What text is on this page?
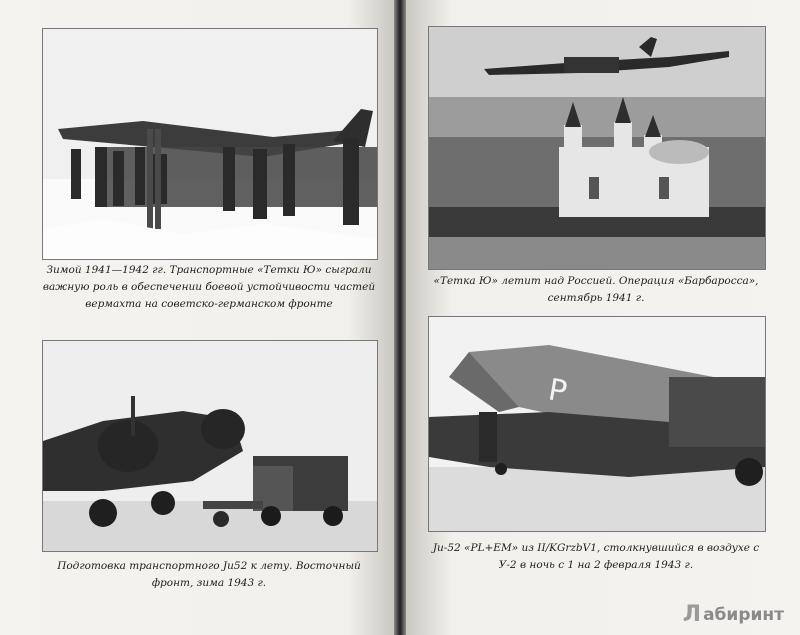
Зимой 1941—1942 гг. Транспортные «Тетки Ю» сыграли важную роль в обеспечении боевой устойчивости частей вермахта на советско-германском фронте
«Тетка Ю» летит над Россией. Операция «Барбаросса», сентябрь 1941 г.
Подготовка транспортного Ju52 к лету. Восточный фронт, зима 1943 г.
P
Ju-52 «PL+EM» из II/KGrzbV1, столкнувшийся в воздухе с У-2 в ночь с 1 на 2 февраля 1943 г.
Л абиринт
